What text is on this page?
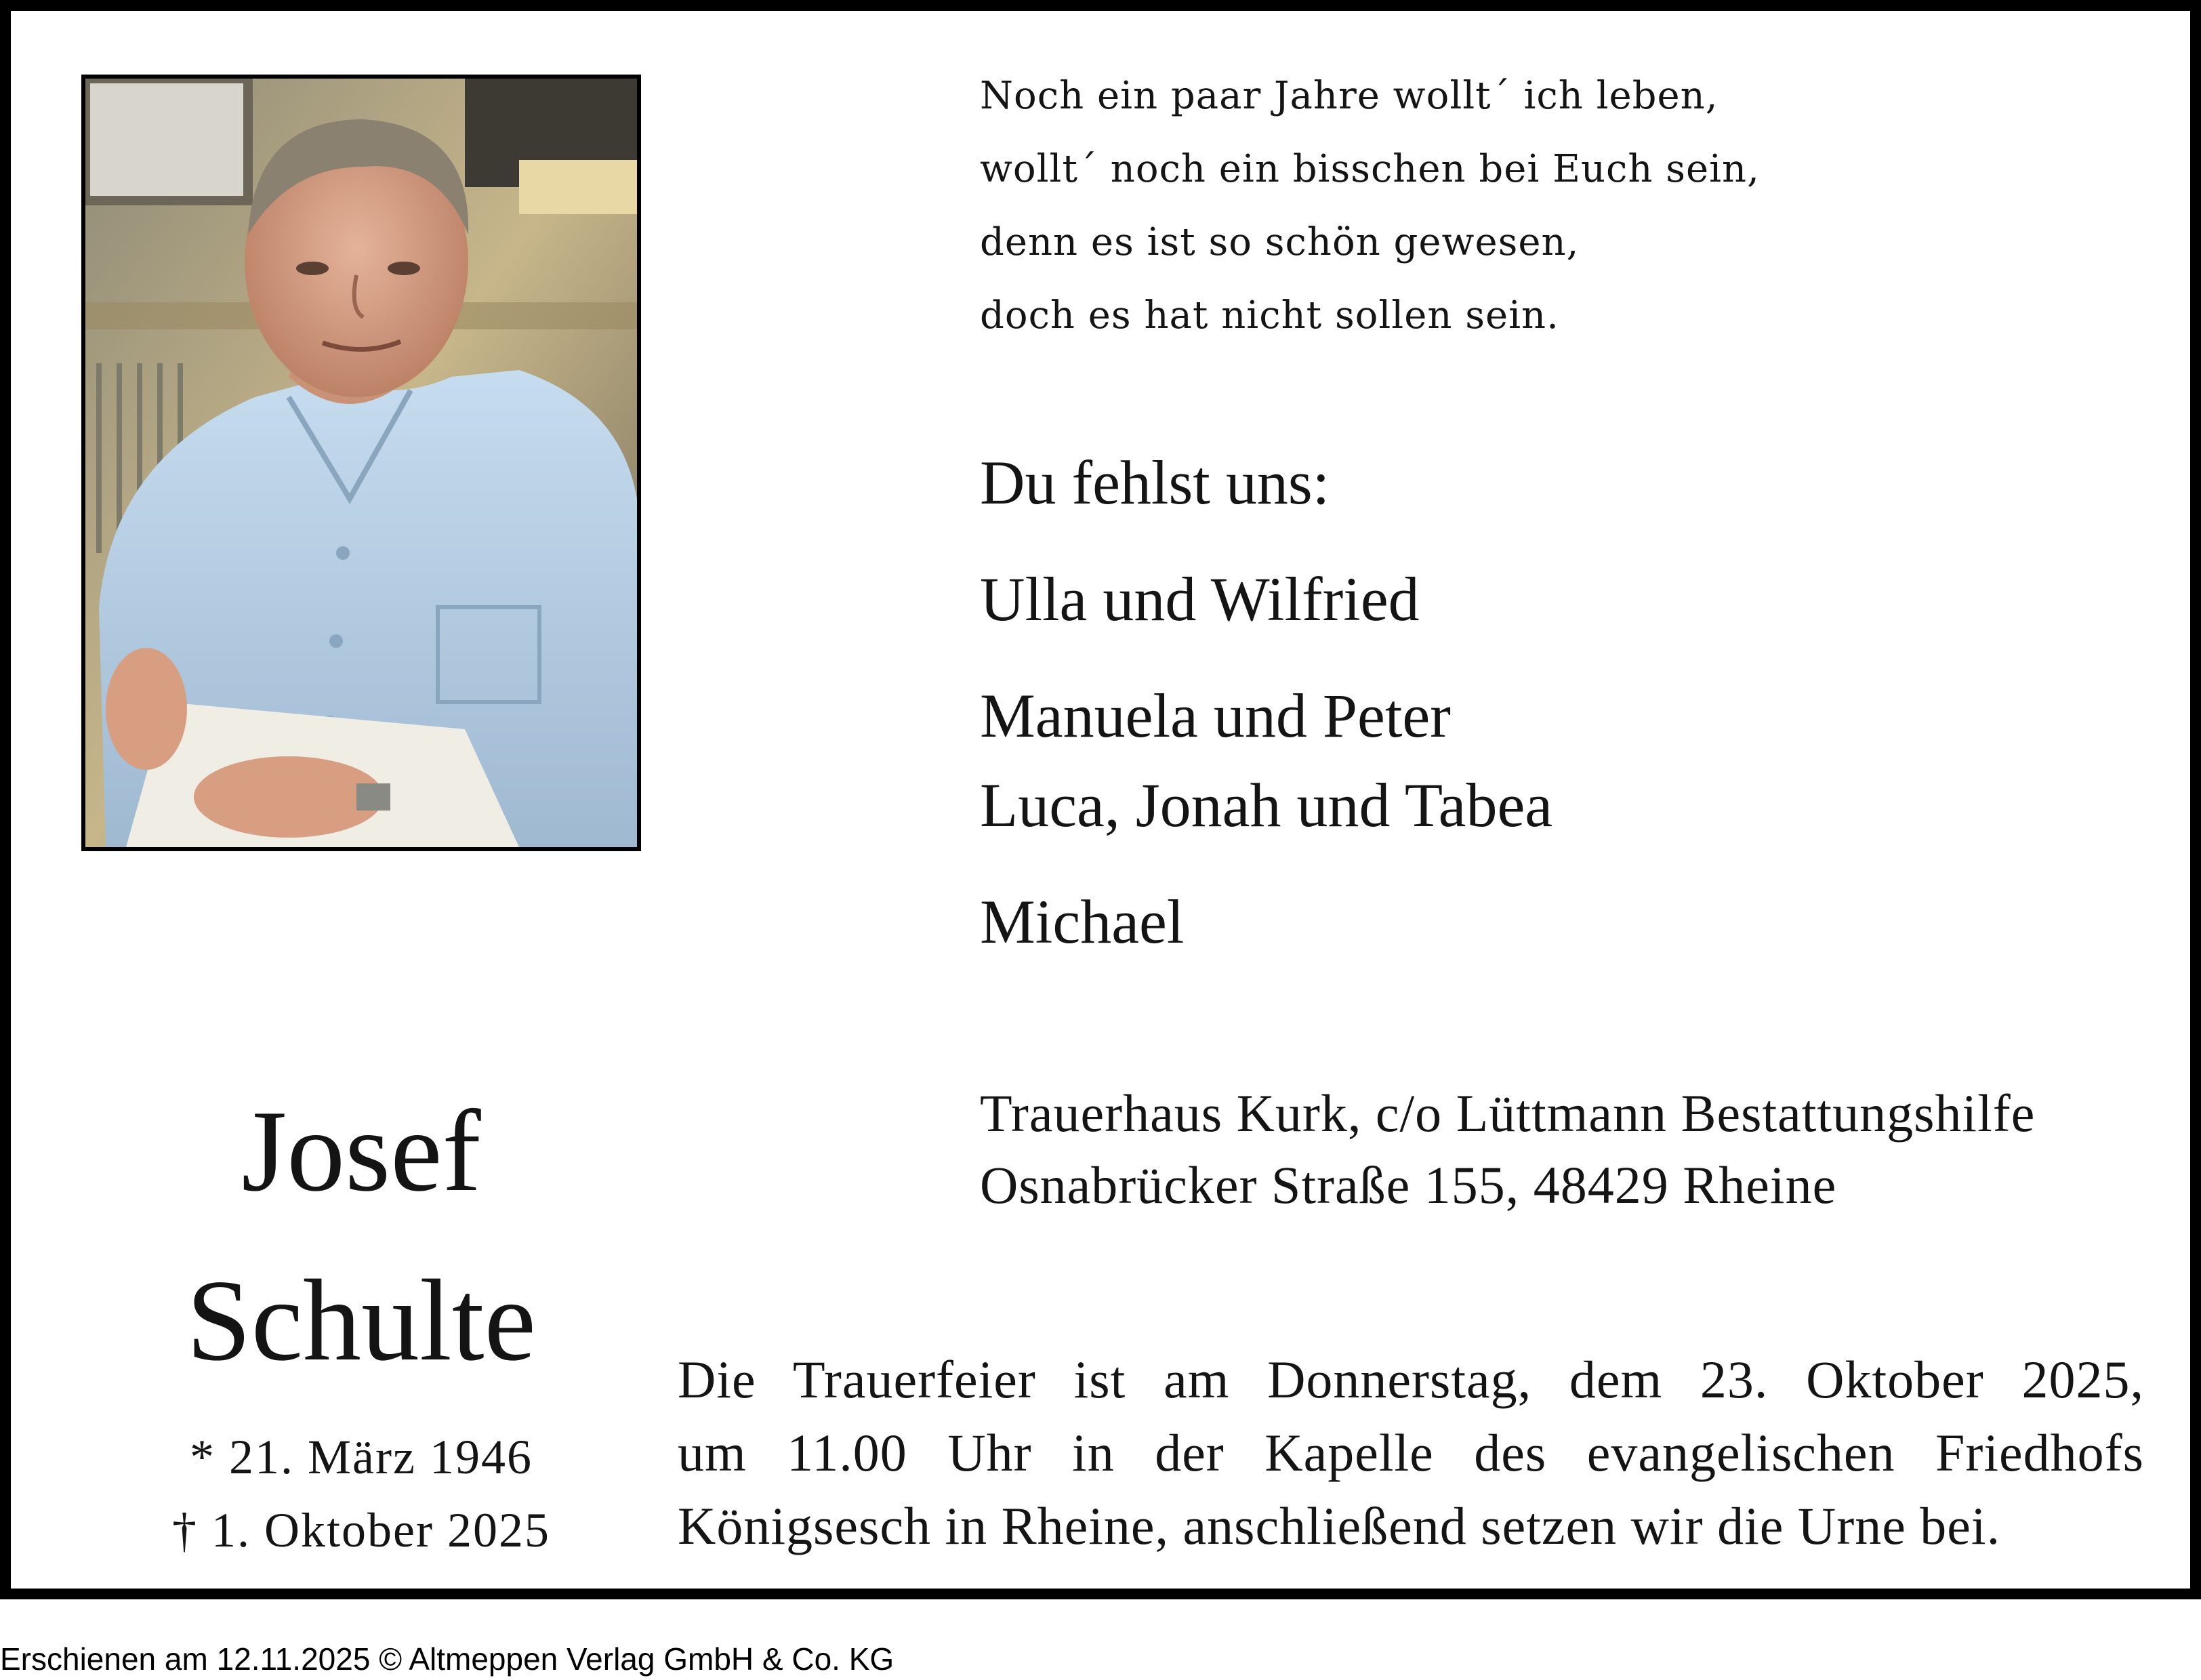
Noch ein paar Jahre wollt´ ich leben,
wollt´ noch ein bisschen bei Euch sein,
denn es ist so schön gewesen,
doch es hat nicht sollen sein.
Du fehlst uns:
Ulla und Wilfried
Manuela und Peter
Luca, Jonah und Tabea
Michael
Trauerhaus Kurk, c/o Lüttmann Bestattungshilfe
Osnabrücker Straße 155, 48429 Rheine
Josef
Schulte
* 21. März 1946
† 1. Oktober 2025
Die Trauerfeier ist am Donnerstag, dem 23. Oktober 2025,
um 11.00 Uhr in der Kapelle des evangelischen Friedhofs
Königsesch in Rheine, anschließend setzen wir die Urne bei.
Erschienen am 12.11.2025 © Altmeppen Verlag GmbH & Co. KG
